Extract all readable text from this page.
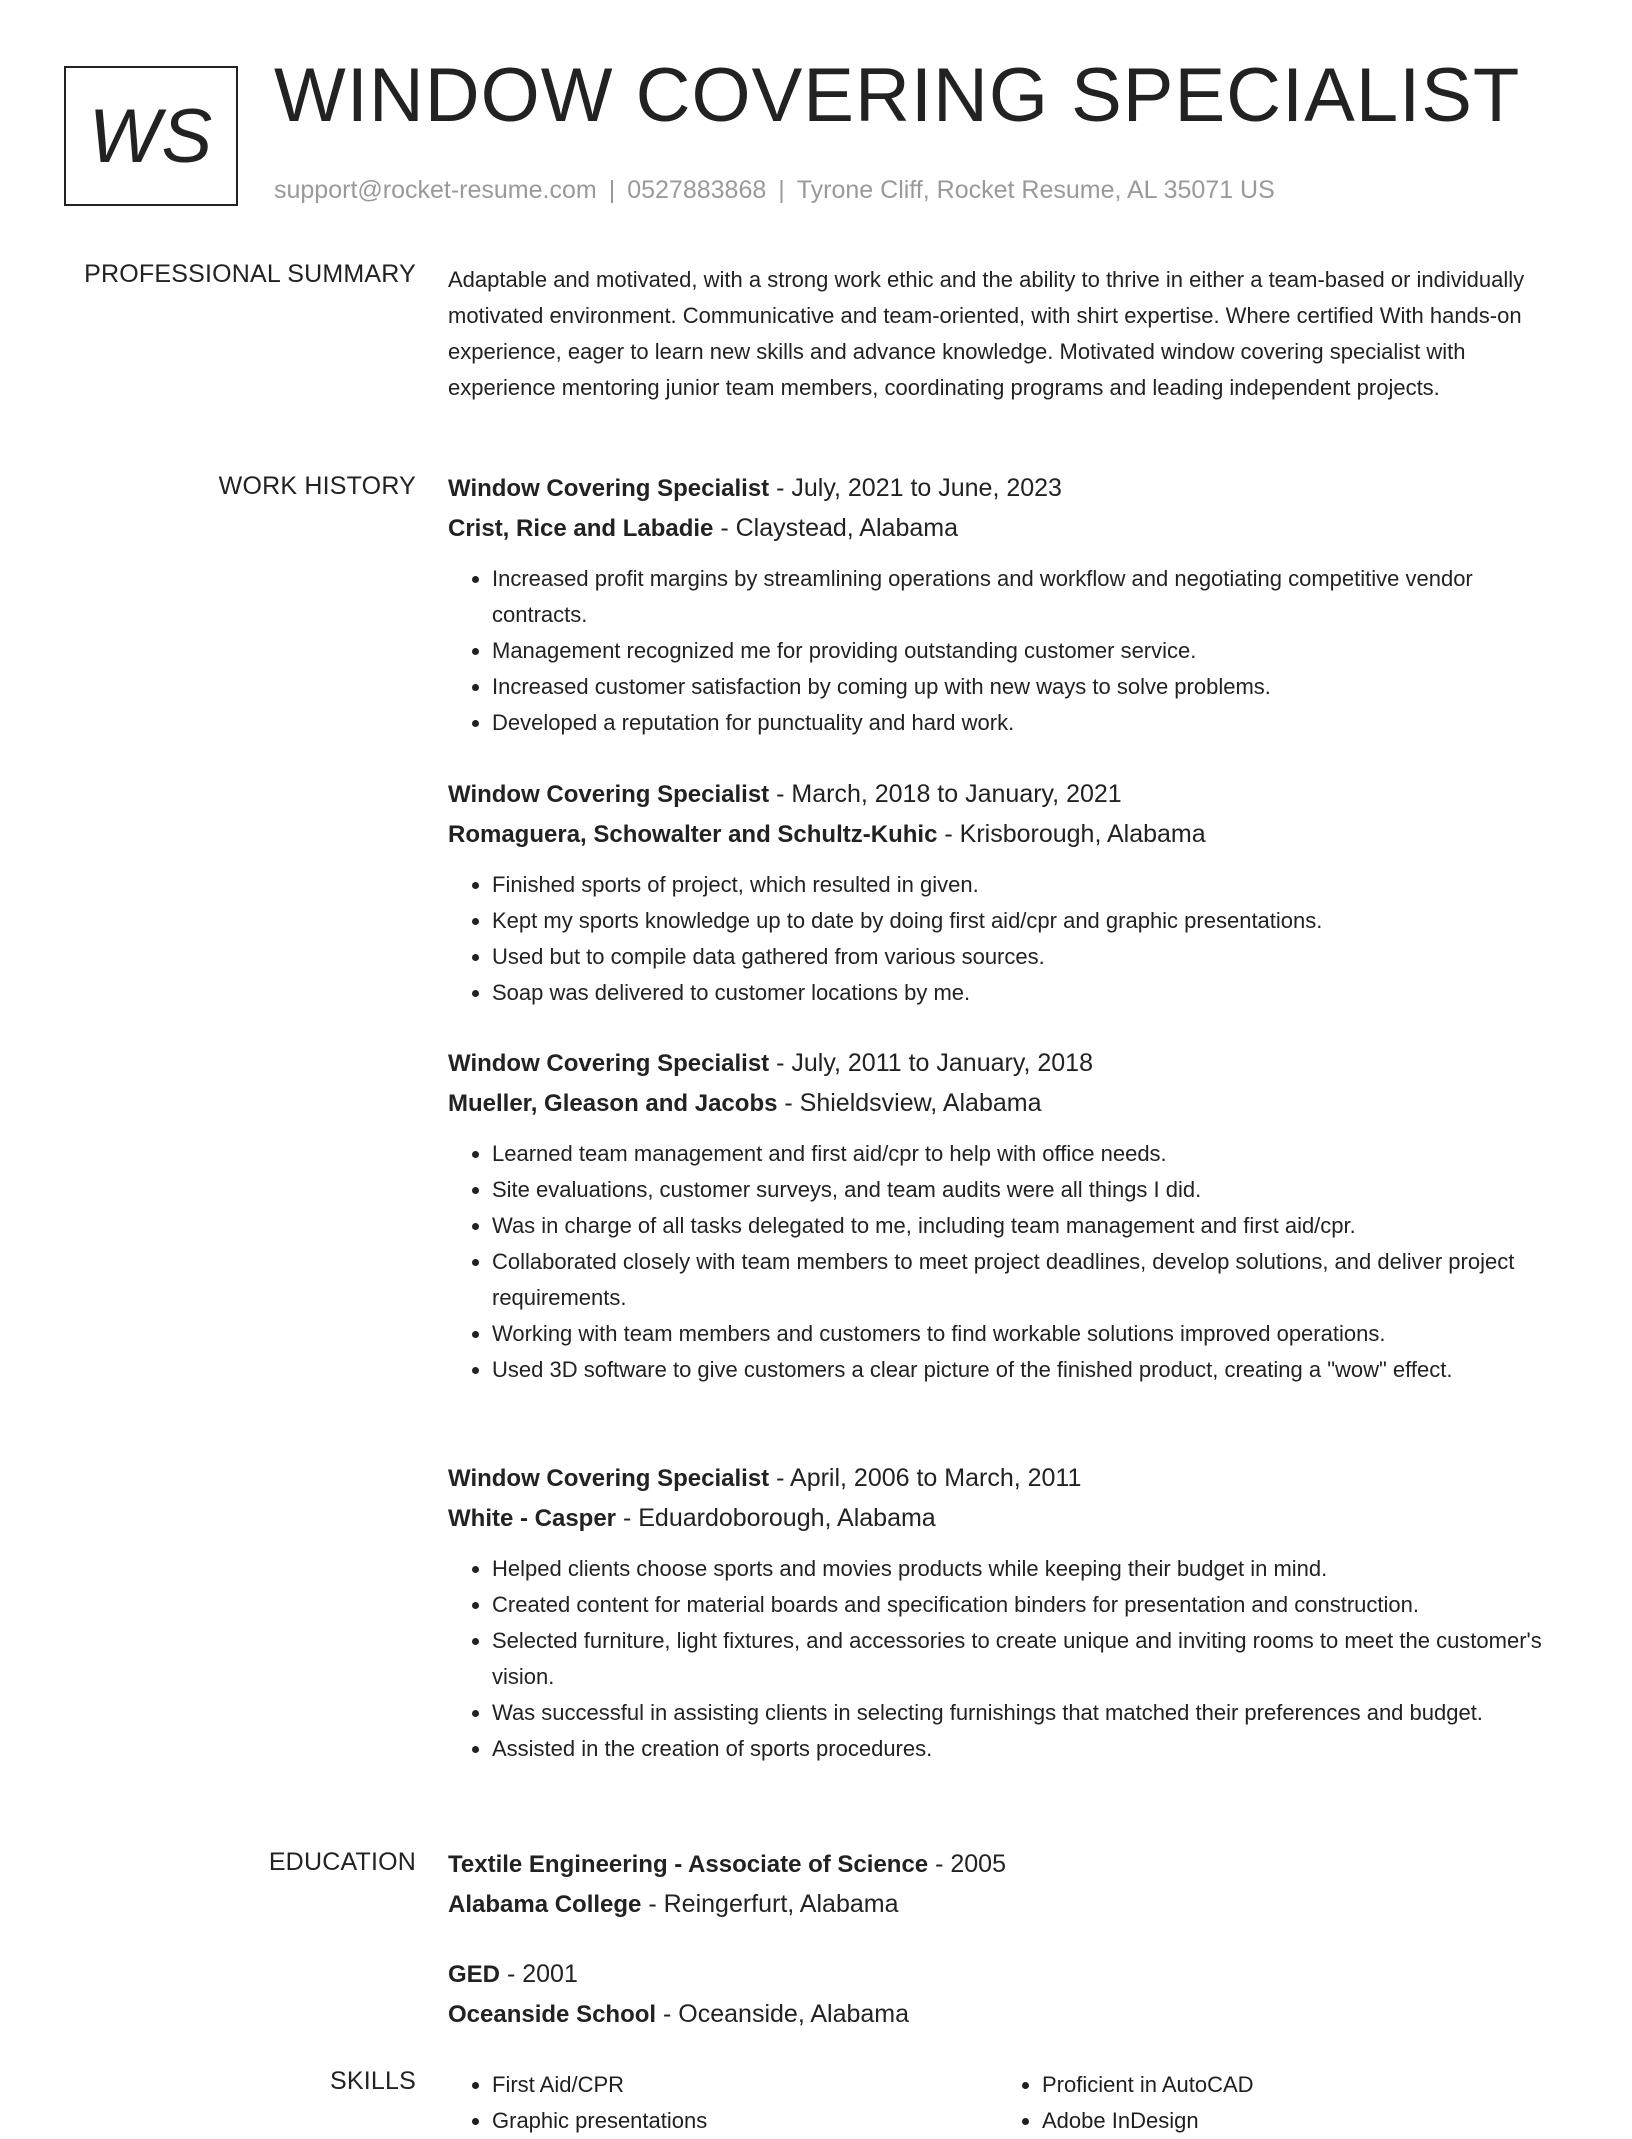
WS WINDOW COVERING SPECIALIST
support@rocket-resume.com | 0527883868 | Tyrone Cliff, Rocket Resume, AL 35071 US
PROFESSIONAL SUMMARY Adaptable and motivated, with a strong work ethic and the ability to thrive in either a team-based or individually motivated environment. Communicative and team-oriented, with shirt expertise. Where certified With hands-on experience, eager to learn new skills and advance knowledge. Motivated window covering specialist with experience mentoring junior team members, coordinating programs and leading independent projects.

WORK HISTORY Window Covering Specialist - July, 2021 to June, 2023

Crist, Rice and Labadie - Claystead, Alabama

• Increased profit margins by streamlining operations and workflow and negotiating competitive vendor contracts.
• Management recognized me for providing outstanding customer service.
• Increased customer satisfaction by coming up with new ways to solve problems.
• Developed a reputation for punctuality and hard work.

Window Covering Specialist - March, 2018 to January, 2021

Romaguera, Schowalter and Schultz-Kuhic - Krisborough, Alabama

• Finished sports of project, which resulted in given.
• Kept my sports knowledge up to date by doing first aid/cpr and graphic presentations.
• Used but to compile data gathered from various sources.
• Soap was delivered to customer locations by me.

Window Covering Specialist - July, 2011 to January, 2018

Mueller, Gleason and Jacobs - Shieldsview, Alabama

• Learned team management and first aid/cpr to help with office needs.
• Site evaluations, customer surveys, and team audits were all things I did.
• Was in charge of all tasks delegated to me, including team management and first aid/cpr.
• Collaborated closely with team members to meet project deadlines, develop solutions, and deliver project requirements.
• Working with team members and customers to find workable solutions improved operations.
• Used 3D software to give customers a clear picture of the finished product, creating a "wow" effect.

Window Covering Specialist - April, 2006 to March, 2011

White - Casper - Eduardoborough, Alabama

• Helped clients choose sports and movies products while keeping their budget in mind.
• Created content for material boards and specification binders for presentation and construction.
• Selected furniture, light fixtures, and accessories to create unique and inviting rooms to meet the customer's vision.
• Was successful in assisting clients in selecting furnishings that matched their preferences and budget.
• Assisted in the creation of sports procedures.
EDUCATION Textile Engineering - Associate of Science - 2005

Alabama College - Reingerfurt, Alabama

GED - 2001

Oceanside School - Oceanside, Alabama

SKILLS
•	First Aid/CPR
• Graphic presentations
• Proficient in AutoCAD
• Adobe InDesign
